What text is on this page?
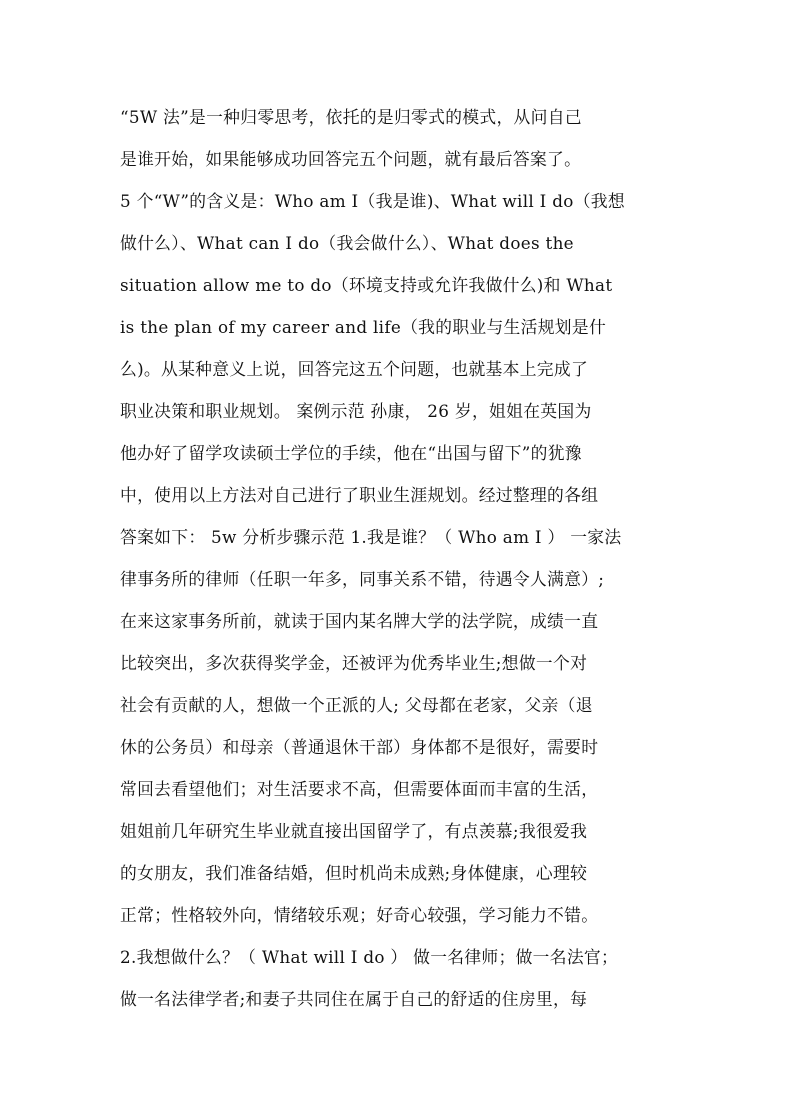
“5W 法”是一种归零思考，依托的是归零式的模式，从问自己
是谁开始，如果能够成功回答完五个问题，就有最后答案了。
5 个“W”的含义是：Who am I（我是谁)、What will I do（我想
做什么）、What can I do（我会做什么）、What does the
situation allow me to do（环境支持或允许我做什么)和 What
is the plan of my career and life（我的职业与生活规划是什
么)。从某种意义上说，回答完这五个问题，也就基本上完成了
职业决策和职业规划。 案例示范 孙康， 26 岁，姐姐在英国为
他办好了留学攻读硕士学位的手续，他在“出国与留下”的犹豫
中，使用以上方法对自己进行了职业生涯规划。经过整理的各组
答案如下： 5w 分析步骤示范 1.我是谁？（ Who am I ） 一家法
律事务所的律师（任职一年多，同事关系不错，待遇令人满意）;
在来这家事务所前，就读于国内某名牌大学的法学院，成绩一直
比较突出，多次获得奖学金，还被评为优秀毕业生;想做一个对
社会有贡献的人，想做一个正派的人; 父母都在老家，父亲（退
休的公务员）和母亲（普通退休干部）身体都不是很好，需要时
常回去看望他们；对生活要求不高，但需要体面而丰富的生活，
姐姐前几年研究生毕业就直接出国留学了，有点羡慕;我很爱我
的女朋友，我们准备结婚，但时机尚未成熟;身体健康，心理较
正常；性格较外向，情绪较乐观；好奇心较强，学习能力不错。
2.我想做什么？（ What will I do ） 做一名律师；做一名法官；
做一名法律学者;和妻子共同住在属于自己的舒适的住房里，每
